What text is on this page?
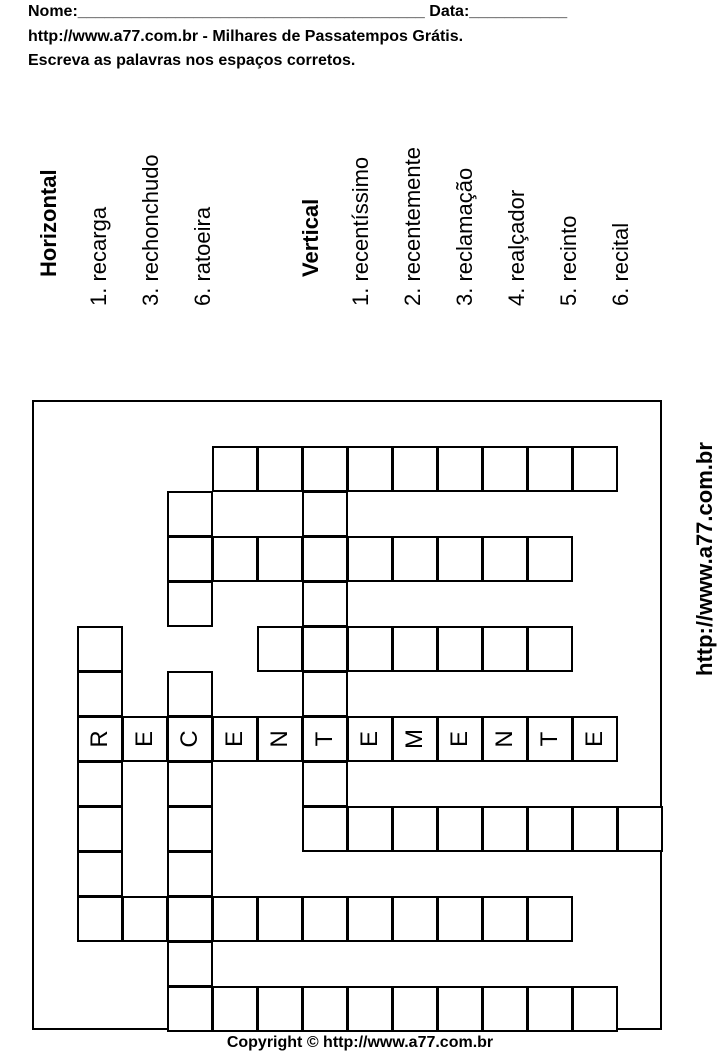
Nome:_______________________________________ Data:___________
http://www.a77.com.br - Milhares de Passatempos Grátis.
Escreva as palavras nos espaços corretos.
Horizontal 1. recarga 3. rechonchudo 6. ratoeira	Vertical 1. recentíssimo 2. recentemente 3. reclamação 4. realçador 5. recinto 6. recital
R E C E N T E M E N T E
http://www.a77.com.br
Copyright © http://www.a77.com.br
